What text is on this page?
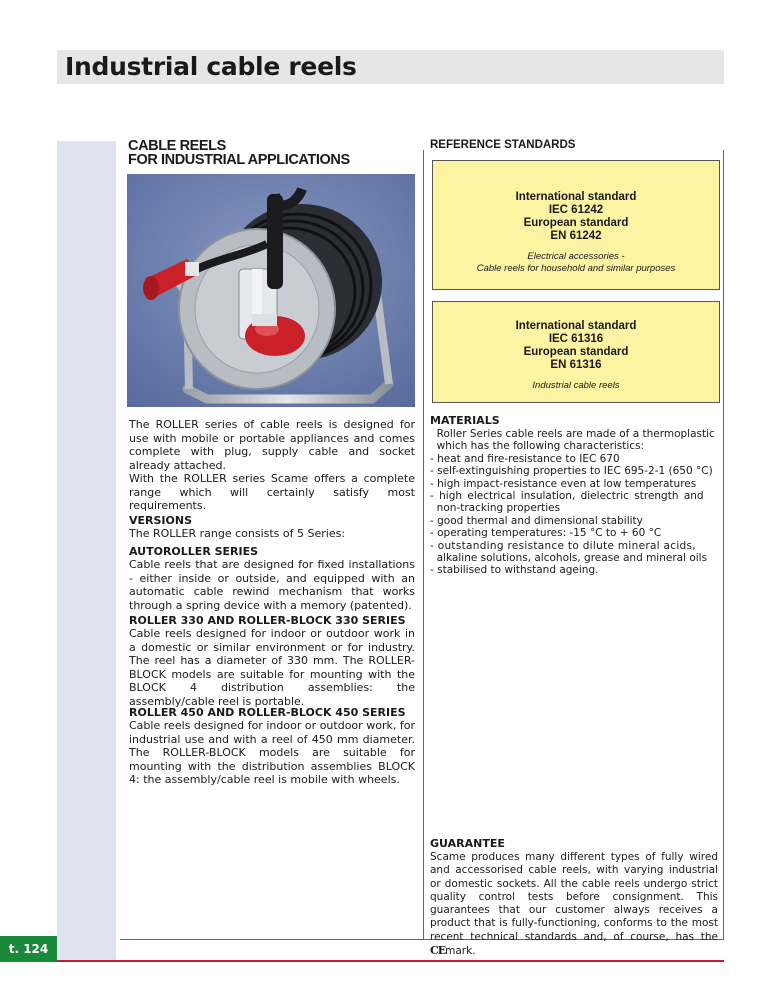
Industrial cable reels
CABLE REELS
FOR INDUSTRIAL APPLICATIONS
The ROLLER series of cable reels is designed for use with mobile or portable appliances and comes complete with plug, supply cable and socket already attached.
With the ROLLER series Scame offers a complete range which will certainly satisfy most requirements.
VERSIONS
The ROLLER range consists of 5 Series:
AUTOROLLER SERIES
Cable reels that are designed for fixed installations - either inside or outside, and equipped with an automatic cable rewind mechanism that works through a spring device with a memory (patented).
ROLLER 330 AND ROLLER-BLOCK 330 SERIES
Cable reels designed for indoor or outdoor work in a domestic or similar environment or for industry. The reel has a diameter of 330 mm. The ROLLER-BLOCK models are suitable for mounting with the BLOCK 4 distribution assemblies: the assembly/cable reel is portable.
ROLLER 450 AND ROLLER-BLOCK 450 SERIES
Cable reels designed for indoor or outdoor work, for industrial use and with a reel of 450 mm diameter. The ROLLER-BLOCK models are suitable for mounting with the distribution assemblies BLOCK 4: the assembly/cable reel is mobile with wheels.
REFERENCE STANDARDS
International standard
IEC 61242
European standard
EN 61242
Electrical accessories -
Cable reels for household and similar purposes
International standard
IEC 61316
European standard
EN 61316
Industrial cable reels
MATERIALS
Roller Series cable reels are made of a thermoplastic
which has the following characteristics:
- heat and fire-resistance to IEC 670
- self-extinguishing properties to IEC 695-2-1 (650 °C)
- high impact-resistance even at low temperatures
- high electrical insulation, dielectric strength and
non-tracking properties
- good thermal and dimensional stability
- operating temperatures: -15 °C to + 60 °C
- outstanding resistance to dilute mineral acids,
alkaline solutions, alcohols, grease and mineral oils
- stabilised to withstand ageing.
GUARANTEE
Scame produces many different types of fully wired and accessorised cable reels, with varying industrial or domestic sockets. All the cable reels undergo strict quality control tests before consignment. This guarantees that our customer always receives a product that is fully-functioning, conforms to the most recent technical standards and, of course, has the CEmark.
t. 124
